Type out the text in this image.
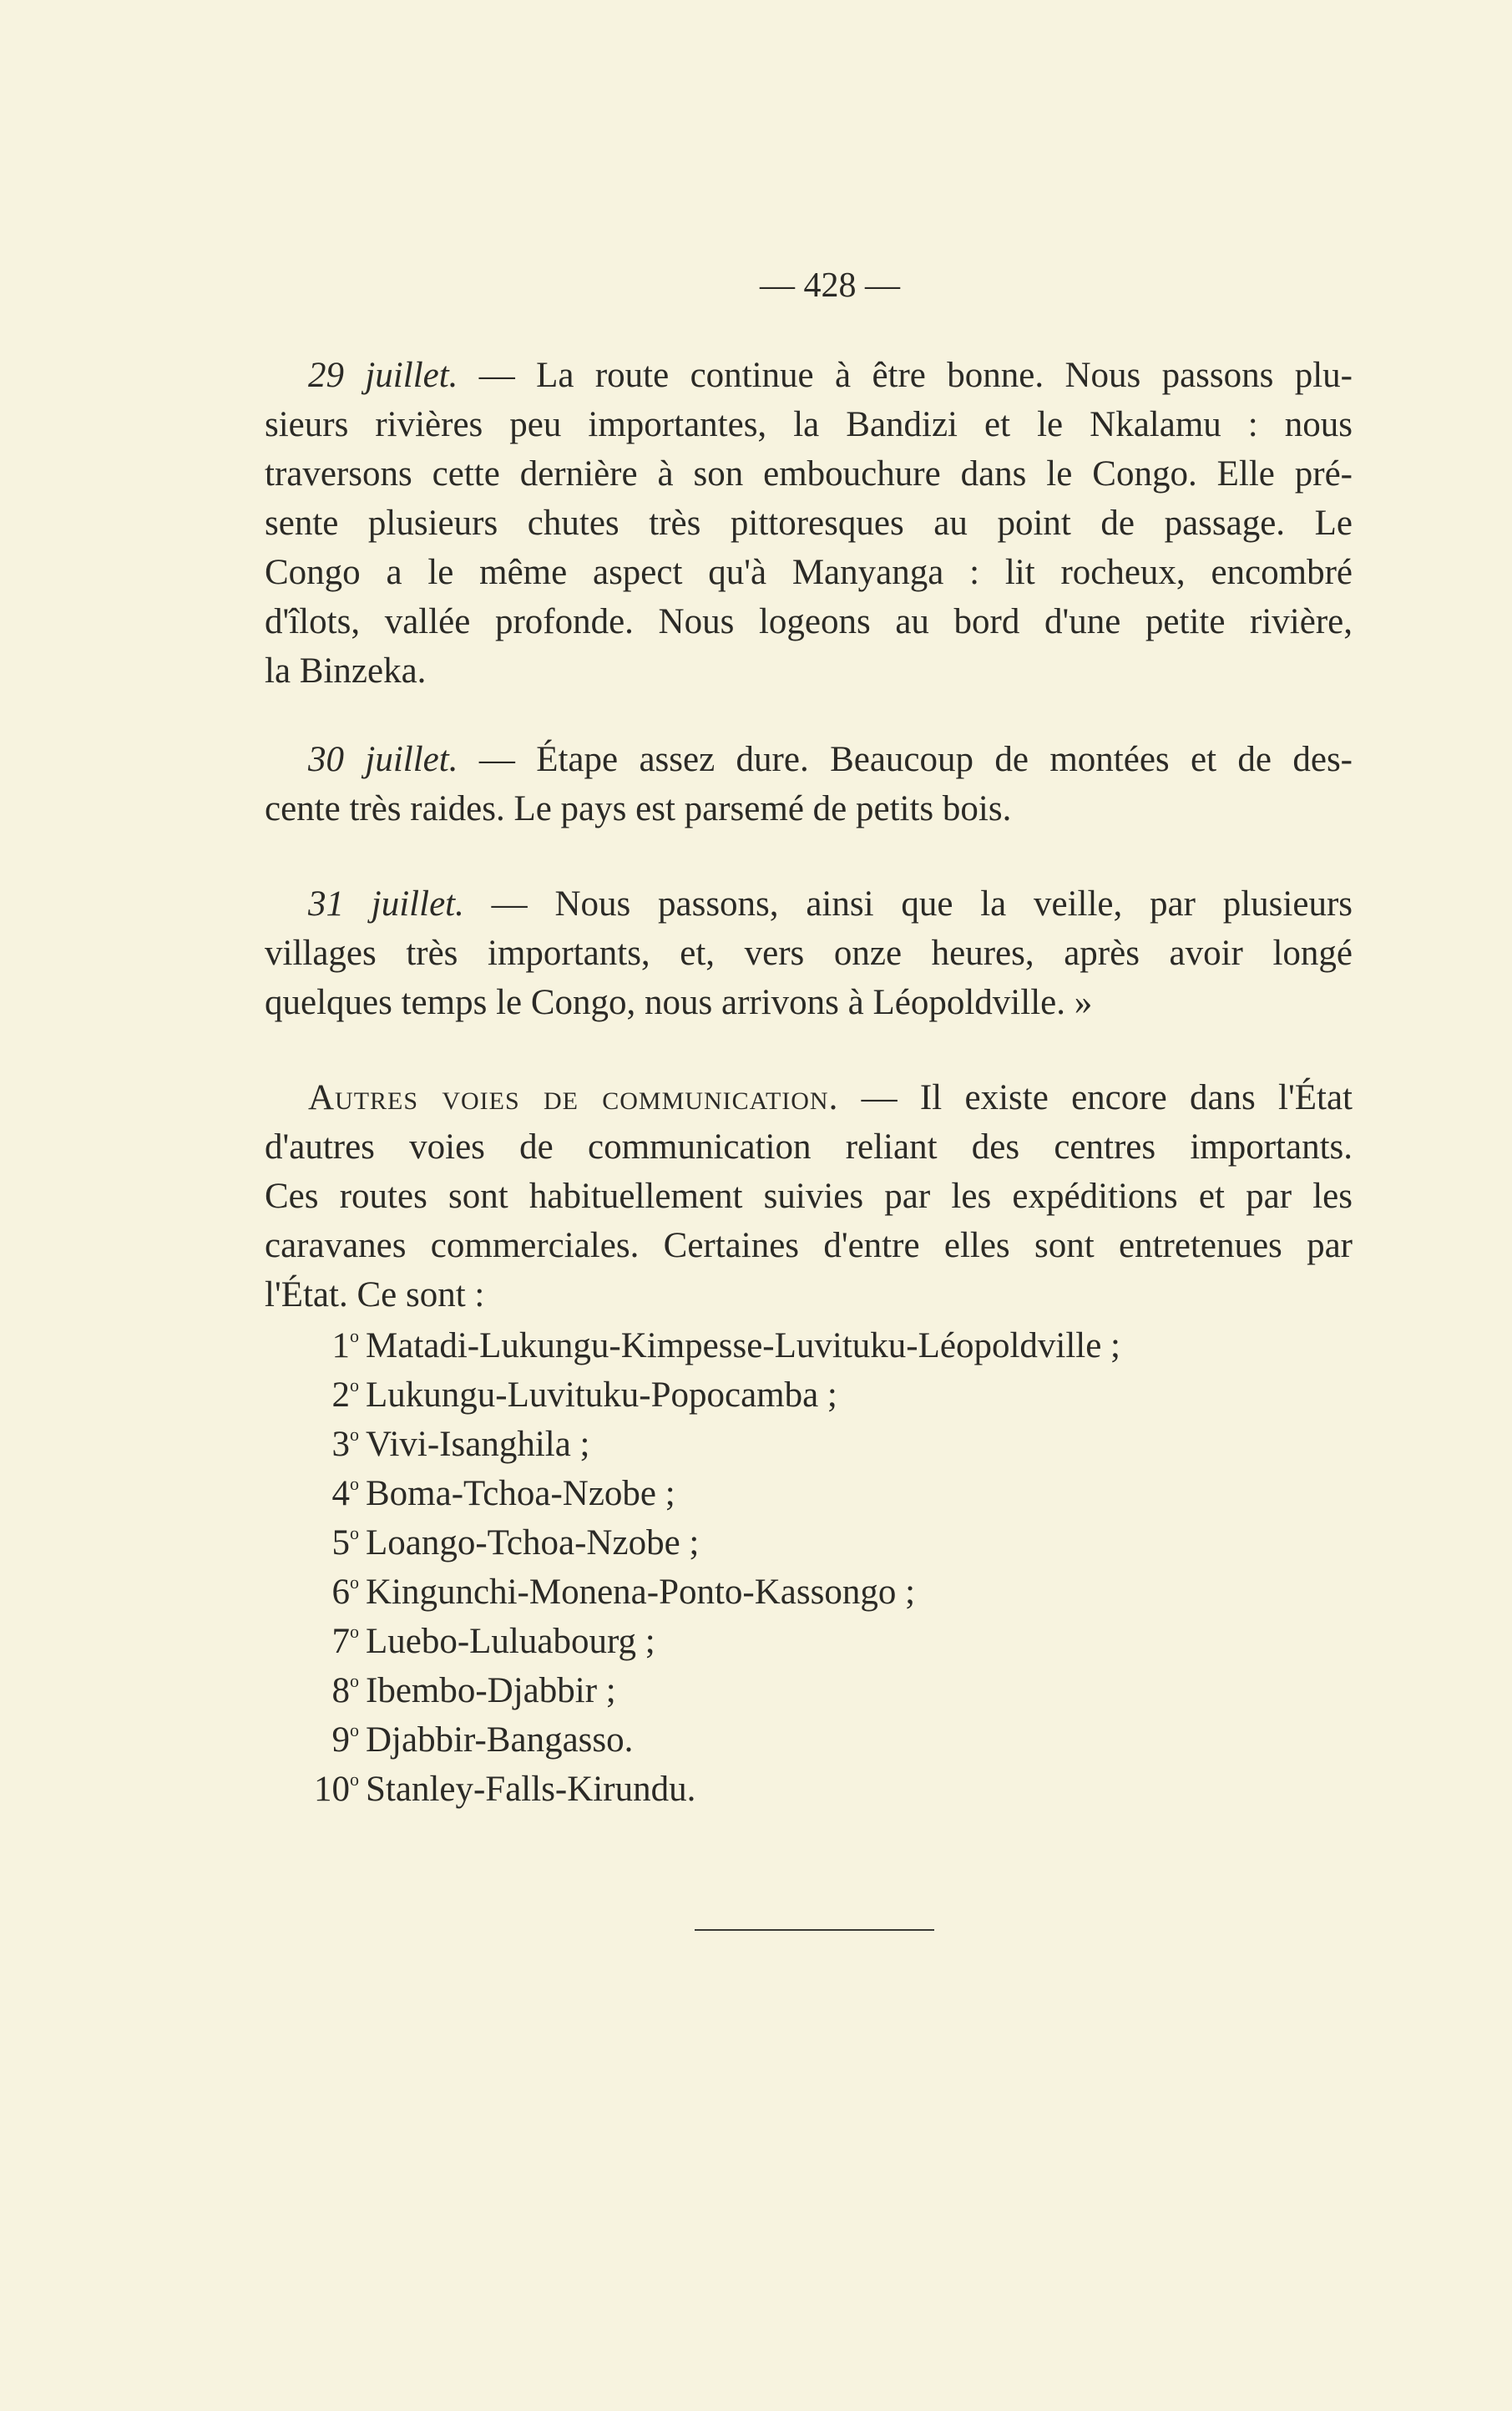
— 428 —
29 juillet. — La route continue à être bonne. Nous passons plu-
sieurs rivières peu importantes, la Bandizi et le Nkalamu : nous
traversons cette dernière à son embouchure dans le Congo. Elle pré-
sente plusieurs chutes très pittoresques au point de passage. Le
Congo a le même aspect qu'à Manyanga : lit rocheux, encombré
d'îlots, vallée profonde. Nous logeons au bord d'une petite rivière,
la Binzeka.
30 juillet. — Étape assez dure. Beaucoup de montées et de des-
cente très raides. Le pays est parsemé de petits bois.
31 juillet. — Nous passons, ainsi que la veille, par plusieurs
villages très importants, et, vers onze heures, après avoir longé
quelques temps le Congo, nous arrivons à Léopoldville. »
Autres voies de communication. — Il existe encore dans l'État
d'autres voies de communication reliant des centres importants.
Ces routes sont habituellement suivies par les expéditions et par les
caravanes commerciales. Certaines d'entre elles sont entretenues par
l'État. Ce sont :
1$^o$ Matadi-Lukungu-Kimpesse-Luvituku-Léopoldville ;
2$^o$ Lukungu-Luvituku-Popocamba ;
3$^o$ Vivi-Isanghila ;
4$^o$ Boma-Tchoa-Nzobe ;
5$^o$ Loango-Tchoa-Nzobe ;
6$^o$ Kingunchi-Monena-Ponto-Kassongo ;
7$^o$ Luebo-Luluabourg ;
8$^o$ Ibembo-Djabbir ;
9$^o$ Djabbir-Bangasso.
10$^o$ Stanley-Falls-Kirundu.
